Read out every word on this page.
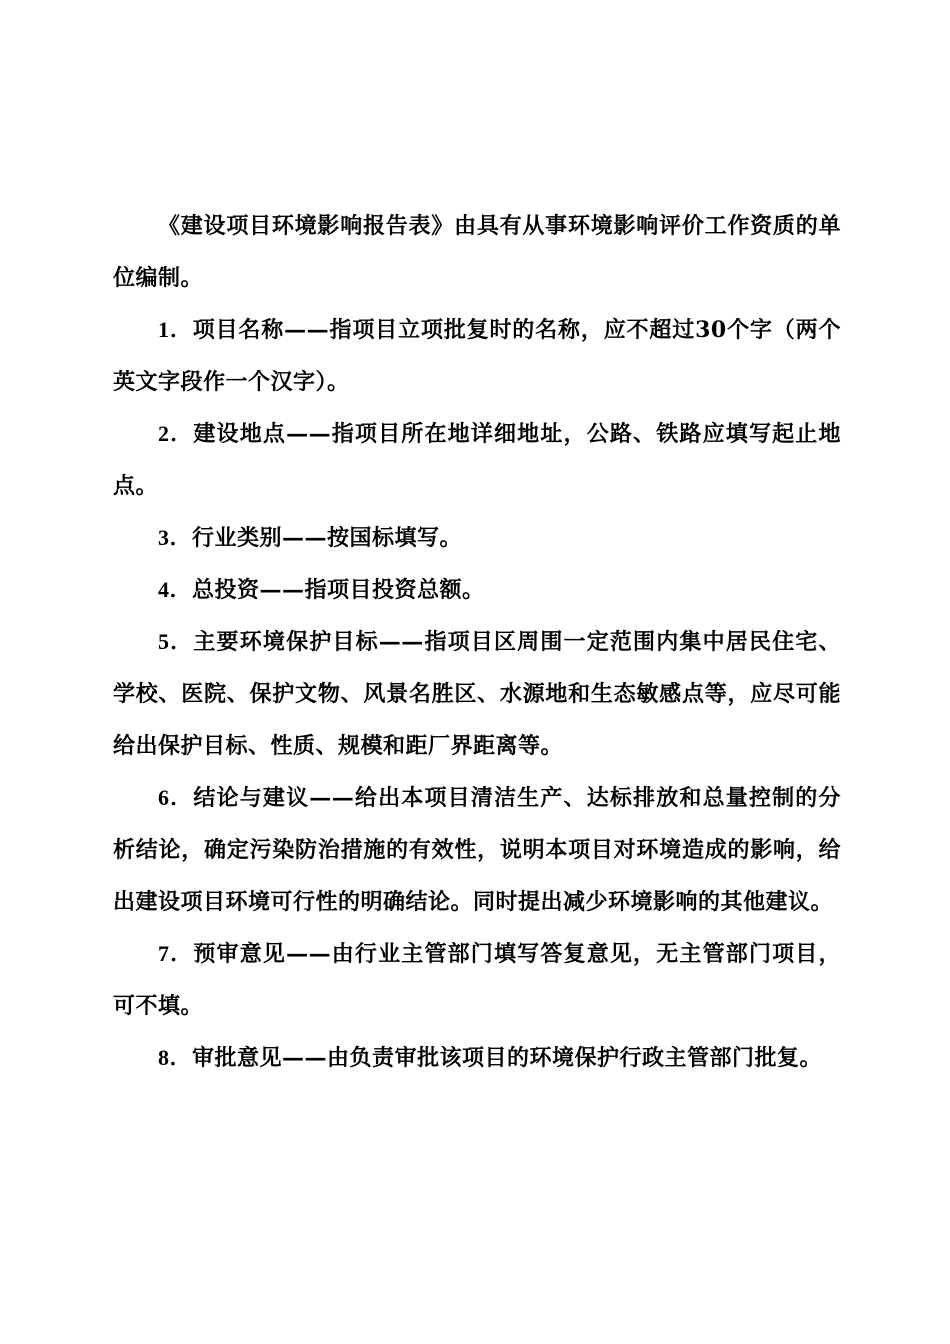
《建设项目环境影响报告表》由具有从事环境影响评价工作资质的单位编制。

1．项目名称——指项目立项批复时的名称，应不超过30个字（两个英文字段作一个汉字）。

2．建设地点——指项目所在地详细地址，公路、铁路应填写起止地点。

3．行业类别——按国标填写。

4．总投资——指项目投资总额。

5．主要环境保护目标——指项目区周围一定范围内集中居民住宅、学校、医院、保护文物、风景名胜区、水源地和生态敏感点等，应尽可能给出保护目标、性质、规模和距厂界距离等。

6．结论与建议——给出本项目清洁生产、达标排放和总量控制的分析结论，确定污染防治措施的有效性，说明本项目对环境造成的影响，给出建设项目环境可行性的明确结论。同时提出减少环境影响的其他建议。

7．预审意见——由行业主管部门填写答复意见，无主管部门项目，可不填。

8．审批意见——由负责审批该项目的环境保护行政主管部门批复。
